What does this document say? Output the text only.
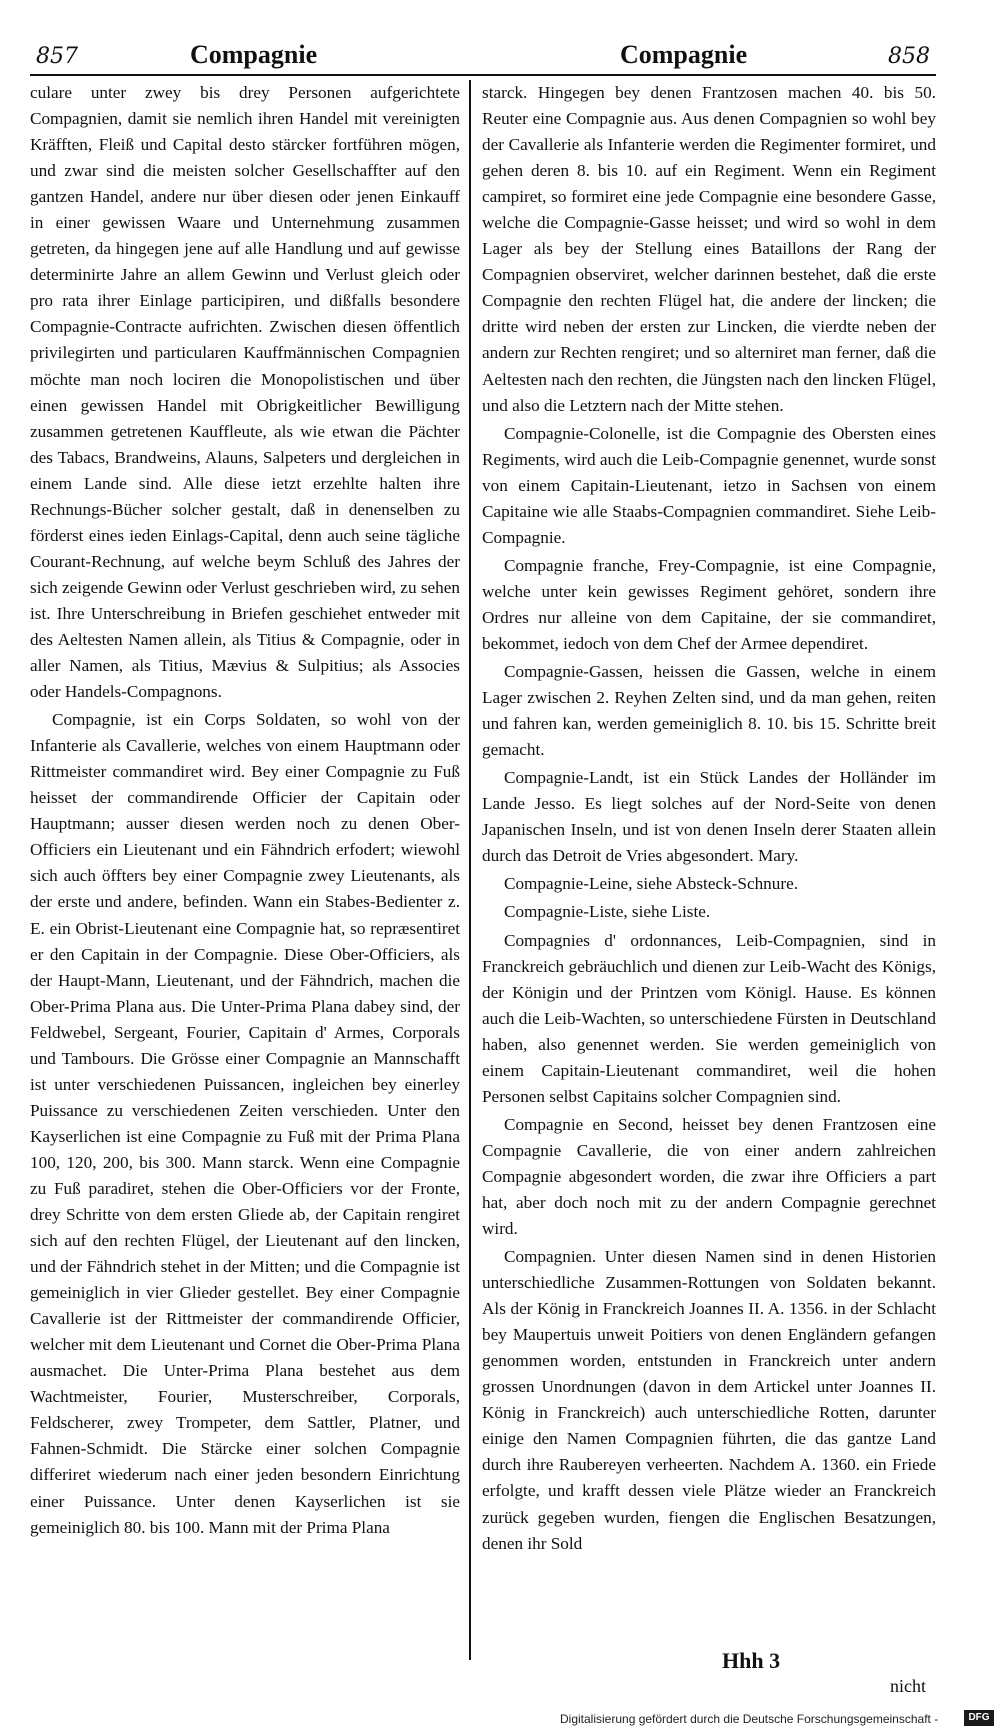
857	Compagnie	Compagnie	858

culare unter zwey bis drey Personen aufgerichtete Compagnien, damit sie nemlich ihren Handel mit vereinigten Kräfften, Fleiß und Capital desto stärcker fortführen mögen, und zwar sind die meisten solcher Gesellschaffter auf den gantzen Handel, andere nur über diesen oder jenen Einkauff in einer gewissen Waare und Unternehmung zusammen getreten, da hingegen jene auf alle Handlung und auf gewisse determinirte Jahre an allem Gewinn und Verlust gleich oder pro rata ihrer Einlage participiren, und dißfalls besondere Compagnie-Contracte aufrichten. Zwischen diesen öffentlich privilegirten und particularen Kauffmännischen Compagnien möchte man noch lociren die Monopolistischen und über einen gewissen Handel mit Obrigkeitlicher Bewilligung zusammen getretenen Kauffleute, als wie etwan die Pächter des Tabacs, Brandweins, Alauns, Salpeters und dergleichen in einem Lande sind. Alle diese ietzt erzehlte halten ihre Rechnungs-Bücher solcher gestalt, daß in denenselben zu förderst eines ieden Einlags-Capital, denn auch seine tägliche Courant-Rechnung, auf welche beym Schluß des Jahres der sich zeigende Gewinn oder Verlust geschrieben wird, zu sehen ist. Ihre Unterschreibung in Briefen geschiehet entweder mit des Aeltesten Namen allein, als Titius & Compagnie, oder in aller Namen, als Titius, Mævius & Sulpitius; als Associes oder Handels-Compagnons.

Compagnie, ist ein Corps Soldaten, so wohl von der Infanterie als Cavallerie, welches von einem Hauptmann oder Rittmeister commandiret wird. Bey einer Compagnie zu Fuß heisset der commandirende Officier der Capitain oder Hauptmann; ausser diesen werden noch zu denen Ober-Officiers ein Lieutenant und ein Fähndrich erfodert; wiewohl sich auch öffters bey einer Compagnie zwey Lieutenants, als der erste und andere, befinden. Wann ein Stabes-Bedienter z. E. ein Obrist-Lieutenant eine Compagnie hat, so repræsentiret er den Capitain in der Compagnie. Diese Ober-Officiers, als der Haupt-Mann, Lieutenant, und der Fähndrich, machen die Ober-Prima Plana aus. Die Unter-Prima Plana dabey sind, der Feldwebel, Sergeant, Fourier, Capitain d' Armes, Corporals und Tambours. Die Grösse einer Compagnie an Mannschafft ist unter verschiedenen Puissancen, ingleichen bey einerley Puissance zu verschiedenen Zeiten verschieden. Unter den Kayserlichen ist eine Compagnie zu Fuß mit der Prima Plana 100, 120, 200, bis 300. Mann starck. Wenn eine Compagnie zu Fuß paradiret, stehen die Ober-Officiers vor der Fronte, drey Schritte von dem ersten Gliede ab, der Capitain rengiret sich auf den rechten Flügel, der Lieutenant auf den lincken, und der Fähndrich stehet in der Mitten; und die Compagnie ist gemeiniglich in vier Glieder gestellet. Bey einer Compagnie Cavallerie ist der Rittmeister der commandirende Officier, welcher mit dem Lieutenant und Cornet die Ober-Prima Plana ausmachet. Die Unter-Prima Plana bestehet aus dem Wachtmeister, Fourier, Musterschreiber, Corporals, Feldscherer, zwey Trompeter, dem Sattler, Platner, und Fahnen-Schmidt. Die Stärcke einer solchen Compagnie differiret wiederum nach einer jeden besondern Einrichtung einer Puissance. Unter denen Kayserlichen ist sie gemeiniglich 80. bis 100. Mann mit der Prima Plana

starck. Hingegen bey denen Frantzosen machen 40. bis 50. Reuter eine Compagnie aus. Aus denen Compagnien so wohl bey der Cavallerie als Infanterie werden die Regimenter formiret, und gehen deren 8. bis 10. auf ein Regiment. Wenn ein Regiment campiret, so formiret eine jede Compagnie eine besondere Gasse, welche die Compagnie-Gasse heisset; und wird so wohl in dem Lager als bey der Stellung eines Bataillons der Rang der Compagnien observiret, welcher darinnen bestehet, daß die erste Compagnie den rechten Flügel hat, die andere der lincken; die dritte wird neben der ersten zur Lincken, die vierdte neben der andern zur Rechten rengiret; und so alterniret man ferner, daß die Aeltesten nach den rechten, die Jüngsten nach den lincken Flügel, und also die Letztern nach der Mitte stehen.

Compagnie-Colonelle, ist die Compagnie des Obersten eines Regiments, wird auch die Leib-Compagnie genennet, wurde sonst von einem Capitain-Lieutenant, ietzo in Sachsen von einem Capitaine wie alle Staabs-Compagnien commandiret. Siehe Leib-Compagnie.

Compagnie franche, Frey-Compagnie, ist eine Compagnie, welche unter kein gewisses Regiment gehöret, sondern ihre Ordres nur alleine von dem Capitaine, der sie commandiret, bekommet, iedoch von dem Chef der Armee dependiret.

Compagnie-Gassen, heissen die Gassen, welche in einem Lager zwischen 2. Reyhen Zelten sind, und da man gehen, reiten und fahren kan, werden gemeiniglich 8. 10. bis 15. Schritte breit gemacht.

Compagnie-Landt, ist ein Stück Landes der Holländer im Lande Jesso. Es liegt solches auf der Nord-Seite von denen Japanischen Inseln, und ist von denen Inseln derer Staaten allein durch das Detroit de Vries abgesondert. Mary.

Compagnie-Leine, siehe Absteck-Schnure.

Compagnie-Liste, siehe Liste.

Compagnies d' ordonnances, Leib-Compagnien, sind in Franckreich gebräuchlich und dienen zur Leib-Wacht des Königs, der Königin und der Printzen vom Königl. Hause. Es können auch die Leib-Wachten, so unterschiedene Fürsten in Deutschland haben, also genennet werden. Sie werden gemeiniglich von einem Capitain-Lieutenant commandiret, weil die hohen Personen selbst Capitains solcher Compagnien sind.

Compagnie en Second, heisset bey denen Frantzosen eine Compagnie Cavallerie, die von einer andern zahlreichen Compagnie abgesondert worden, die zwar ihre Officiers a part hat, aber doch noch mit zu der andern Compagnie gerechnet wird.

Compagnien. Unter diesen Namen sind in denen Historien unterschiedliche Zusammen-Rottungen von Soldaten bekannt. Als der König in Franckreich Joannes II. A. 1356. in der Schlacht bey Maupertuis unweit Poitiers von denen Engländern gefangen genommen worden, entstunden in Franckreich unter andern grossen Unordnungen (davon in dem Artickel unter Joannes II. König in Franckreich) auch unterschiedliche Rotten, darunter einige den Namen Compagnien führten, die das gantze Land durch ihre Raubereyen verheerten. Nachdem A. 1360. ein Friede erfolgte, und krafft dessen viele Plätze wieder an Franckreich zurück gegeben wurden, fiengen die Englischen Besatzungen, denen ihr Sold

Hhh 3
nicht
Digitalisierung gefördert durch die Deutsche Forschungsgemeinschaft -	DFG
